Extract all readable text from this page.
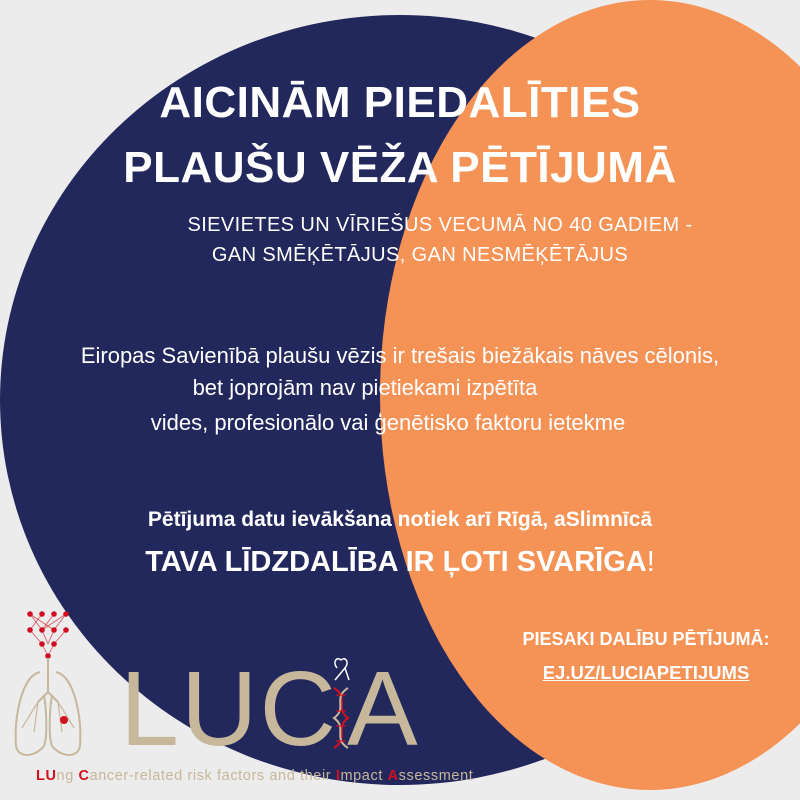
AICINĀM PIEDALĪTIES
PLAUŠU VĒŽA PĒTĪJUMĀ
SIEVIETES UN VĪRIEŠUS VECUMĀ NO 40 GADIEM -
GAN SMĒĶĒTĀJUS, GAN NESMĒĶĒTĀJUS
Eiropas Savienībā plaušu vēzis ir trešais biežākais nāves cēlonis,
bet joprojām nav pietiekami izpētīta
vides, profesionālo vai ģenētisko faktoru ietekme
Pētījuma datu ievākšana notiek arī Rīgā, aSlimnīcā
TAVA LĪDZDALĪBA IR ĻOTI SVARĪGA!
PIESAKI DALĪBU PĒTĪJUMĀ:
EJ.UZ/LUCIAPETIJUMS
LUC A
LUng Cancer-related risk factors and their Impact Assessment
